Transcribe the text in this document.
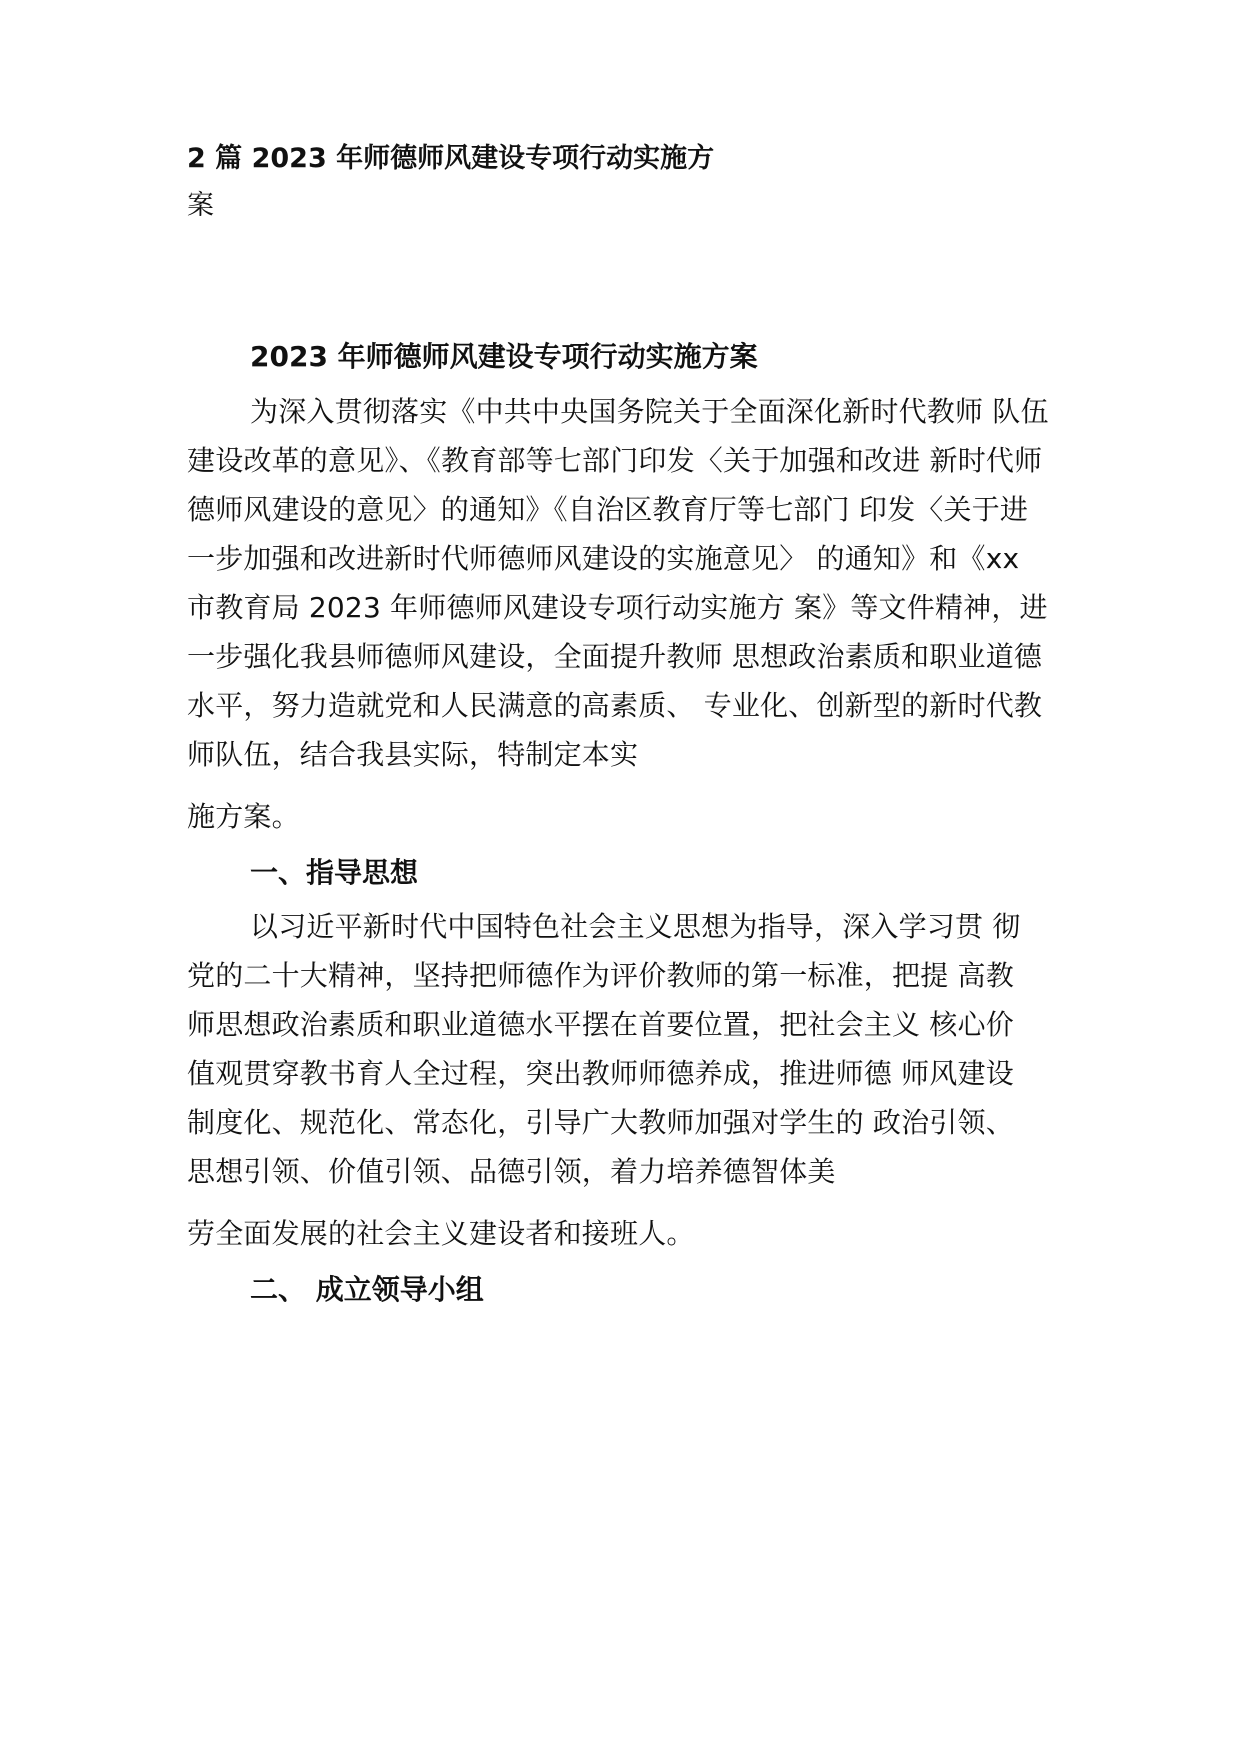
2 篇 2023 年师德师风建设专项行动实施方
案
2023 年师德师风建设专项行动实施方案
为深入贯彻落实《中共中央国务院关于全面深化新时代教师 队伍
建设改革的意见》、《教育部等七部门印发〈关于加强和改进 新时代师
德师风建设的意见〉的通知》《自治区教育厅等七部门 印发〈关于进
一步加强和改进新时代师德师风建设的实施意见〉 的通知》和《xx
市教育局 2023 年师德师风建设专项行动实施方 案》等文件精神，进
一步强化我县师德师风建设，全面提升教师 思想政治素质和职业道德
水平，努力造就党和人民满意的高素质、 专业化、创新型的新时代教
师队伍，结合我县实际，特制定本实
施方案。
一、指导思想
以习近平新时代中国特色社会主义思想为指导，深入学习贯 彻
党的二十大精神，坚持把师德作为评价教师的第一标准，把提 高教
师思想政治素质和职业道德水平摆在首要位置，把社会主义 核心价
值观贯穿教书育人全过程，突出教师师德养成，推进师德 师风建设
制度化、规范化、常态化，引导广大教师加强对学生的 政治引领、
思想引领、价值引领、品德引领，着力培养德智体美
劳全面发展的社会主义建设者和接班人。
二、 成立领导小组
